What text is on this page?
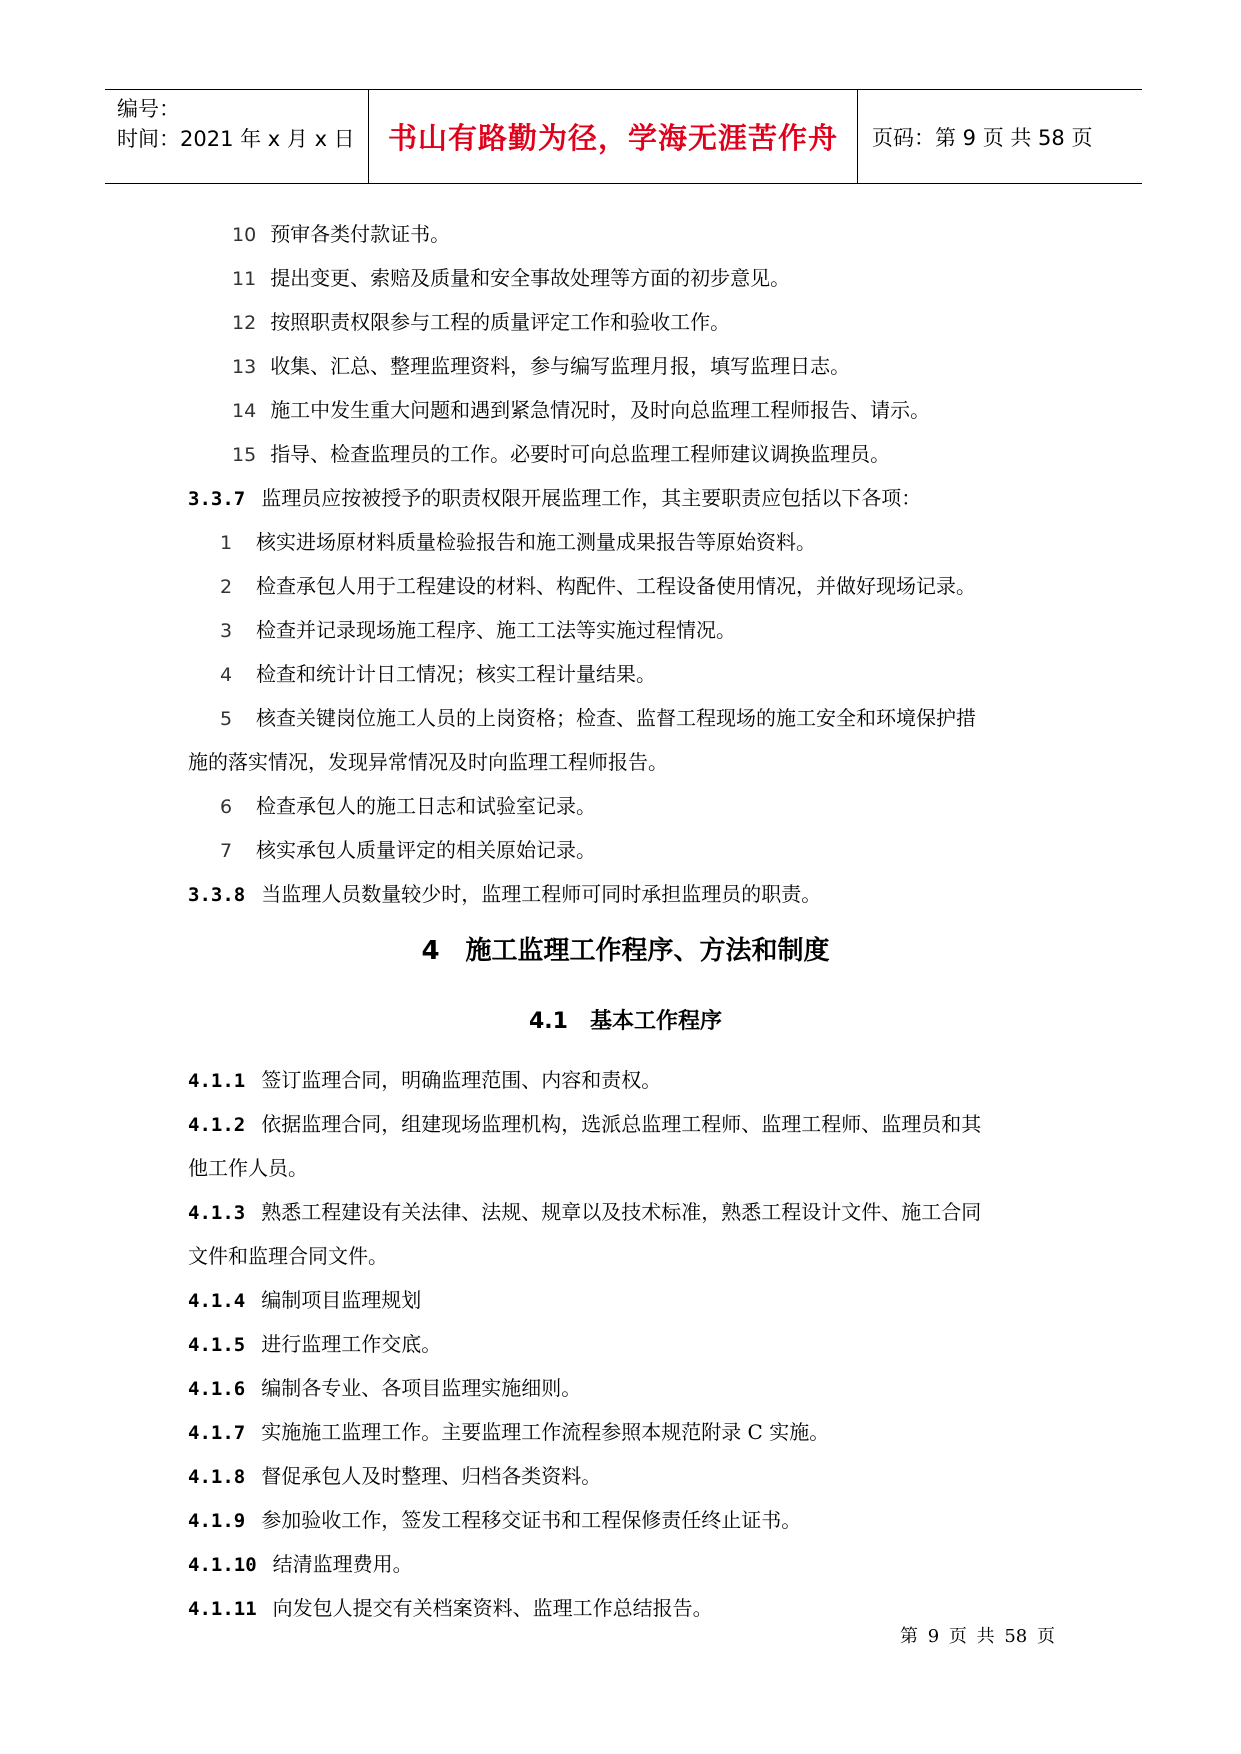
编号：
时间：2021 年 x 月 x 日	书山有路勤为径，学海无涯苦作舟	页码：第 9 页 共 58 页
10 预审各类付款证书。
11 提出变更、索赔及质量和安全事故处理等方面的初步意见。
12 按照职责权限参与工程的质量评定工作和验收工作。
13 收集、汇总、整理监理资料，参与编写监理月报，填写监理日志。
14 施工中发生重大问题和遇到紧急情况时，及时向总监理工程师报告、请示。
15 指导、检查监理员的工作。必要时可向总监理工程师建议调换监理员。
3.3.7 监理员应按被授予的职责权限开展监理工作，其主要职责应包括以下各项：
1 核实进场原材料质量检验报告和施工测量成果报告等原始资料。
2 检查承包人用于工程建设的材料、构配件、工程设备使用情况，并做好现场记录。
3 检查并记录现场施工程序、施工工法等实施过程情况。
4 检查和统计计日工情况；核实工程计量结果。
5 核查关键岗位施工人员的上岗资格；检查、监督工程现场的施工安全和环境保护措
施的落实情况，发现异常情况及时向监理工程师报告。
6 检查承包人的施工日志和试验室记录。
7 核实承包人质量评定的相关原始记录。
3.3.8 当监理人员数量较少时，监理工程师可同时承担监理员的职责。
4　施工监理工作程序、方法和制度
4.1　基本工作程序
4.1.1 签订监理合同，明确监理范围、内容和责权。
4.1.2 依据监理合同，组建现场监理机构，选派总监理工程师、监理工程师、监理员和其
他工作人员。
4.1.3 熟悉工程建设有关法律、法规、规章以及技术标准，熟悉工程设计文件、施工合同
文件和监理合同文件。
4.1.4 编制项目监理规划
4.1.5 进行监理工作交底。
4.1.6 编制各专业、各项目监理实施细则。
4.1.7 实施施工监理工作。主要监理工作流程参照本规范附录 C 实施。
4.1.8 督促承包人及时整理、归档各类资料。
4.1.9 参加验收工作，签发工程移交证书和工程保修责任终止证书。
4.1.10 结清监理费用。
4.1.11 向发包人提交有关档案资料、监理工作总结报告。
第 9 页 共 58 页
